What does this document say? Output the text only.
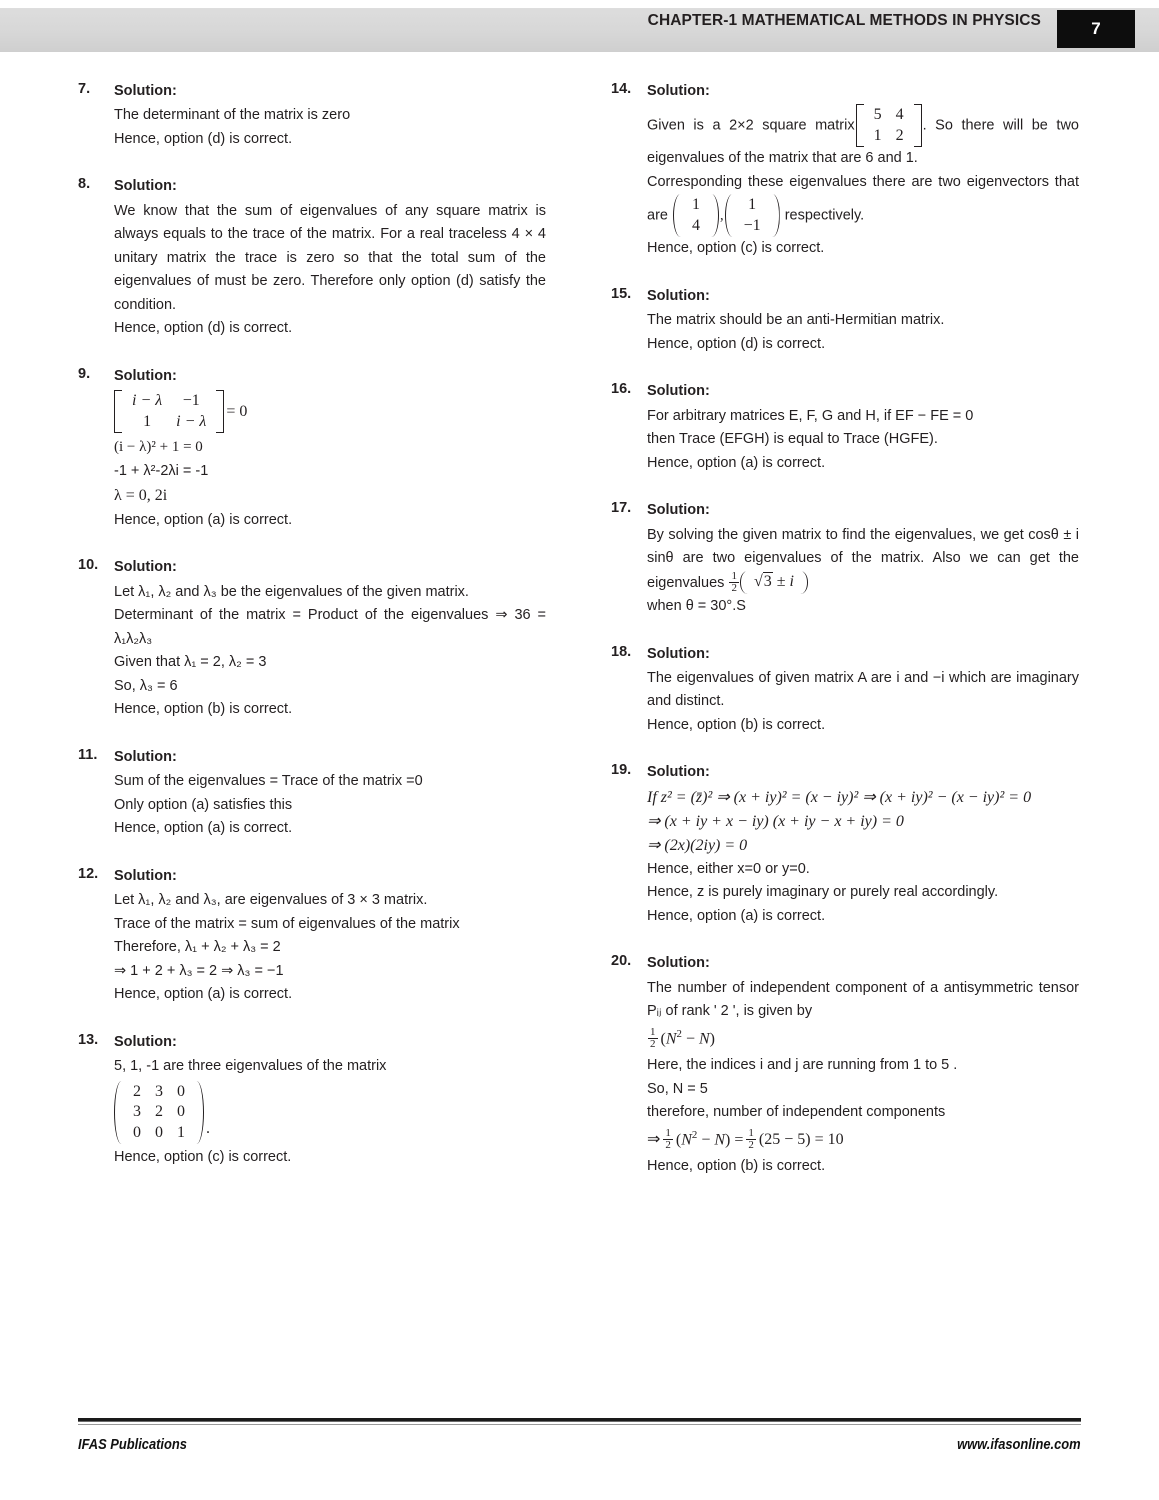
CHAPTER-1 MATHEMATICAL METHODS IN PHYSICS	7
7.	Solution:
The determinant of the matrix is zero
Hence, option (d) is correct.
8.	Solution:
We know that the sum of eigenvalues of any square matrix is always equals to the trace of the matrix. For a real traceless 4 × 4 unitary matrix the trace is zero so that the total sum of the eigenvalues of must be zero. Therefore only option (d) satisfy the condition.
Hence, option (d) is correct.
9.	Solution:
i − λ	−1
1	i − λ
= 0
(i − λ)² + 1 = 0
-1 + λ²-2λi = -1
λ = 0, 2i
Hence, option (a) is correct.
10.	Solution:
Let λ₁, λ₂ and λ₃ be the eigenvalues of the given matrix.
Determinant of the matrix = Product of the eigenvalues ⇒ 36 = λ₁λ₂λ₃
Given that λ₁ = 2, λ₂ = 3
So, λ₃ = 6
Hence, option (b) is correct.
11.	Solution:
Sum of the eigenvalues = Trace of the matrix =0
Only option (a) satisfies this
Hence, option (a) is correct.
12.	Solution:
Let λ₁, λ₂ and λ₃, are eigenvalues of 3 × 3 matrix.
Trace of the matrix = sum of eigenvalues of the matrix
Therefore, λ₁ + λ₂ + λ₃ = 2
⇒ 1 + 2 + λ₃ = 2 ⇒ λ₃ = −1
Hence, option (a) is correct.
13.	Solution:
5, 1, -1 are three eigenvalues of the matrix
2 3 0
3 2 0
0 0 1	.
Hence, option (c) is correct.
14.	Solution:
Given is a 2×2 square matrix
5 4
1 2
. So there will be two eigenvalues of the matrix that are 6 and 1.
Corresponding these eigenvalues there are two eigenvectors that are
1
4
,
1
−1
respectively.
Hence, option (c) is correct.
15.	Solution:
The matrix should be an anti-Hermitian matrix.
Hence, option (d) is correct.
16.	Solution:
For arbitrary matrices E, F, G and H, if EF − FE = 0
then Trace (EFGH) is equal to Trace (HGFE).
Hence, option (a) is correct.
17.	Solution:
By solving the given matrix to find the eigenvalues, we get cosθ ± i sinθ are two eigenvalues of the matrix. Also we can get the eigenvalues $\frac{1}{2} √3 \pm i$
when θ = 30°.S
18.	Solution:
The eigenvalues of given matrix A are i and −i which are imaginary and distinct.
Hence, option (b) is correct.
19.	Solution:
If z² = (z̄)² ⇒ (x + iy)² = (x − iy)² ⇒ (x + iy)² − (x − iy)² = 0
⇒ (x + iy + x − iy) (x + iy − x + iy) = 0
⇒ (2x)(2iy) = 0
Hence, either x=0 or y=0.
Hence, z is purely imaginary or purely real accordingly.
Hence, option (a) is correct.
20.	Solution:
The number of independent component of a antisymmetric tensor Pᵢⱼ of rank ' 2 ', is given by
$\frac{1}{2} (N^2 - N)$
Here, the indices i and j are running from 1 to 5 .
So, N = 5
therefore, number of independent components
⇒ $\frac{1}{2} (N^2 - N) = \frac{1}{2} (25 - 5) = 10$
Hence, option (b) is correct.
IFAS Publications	www.ifasonline.com
